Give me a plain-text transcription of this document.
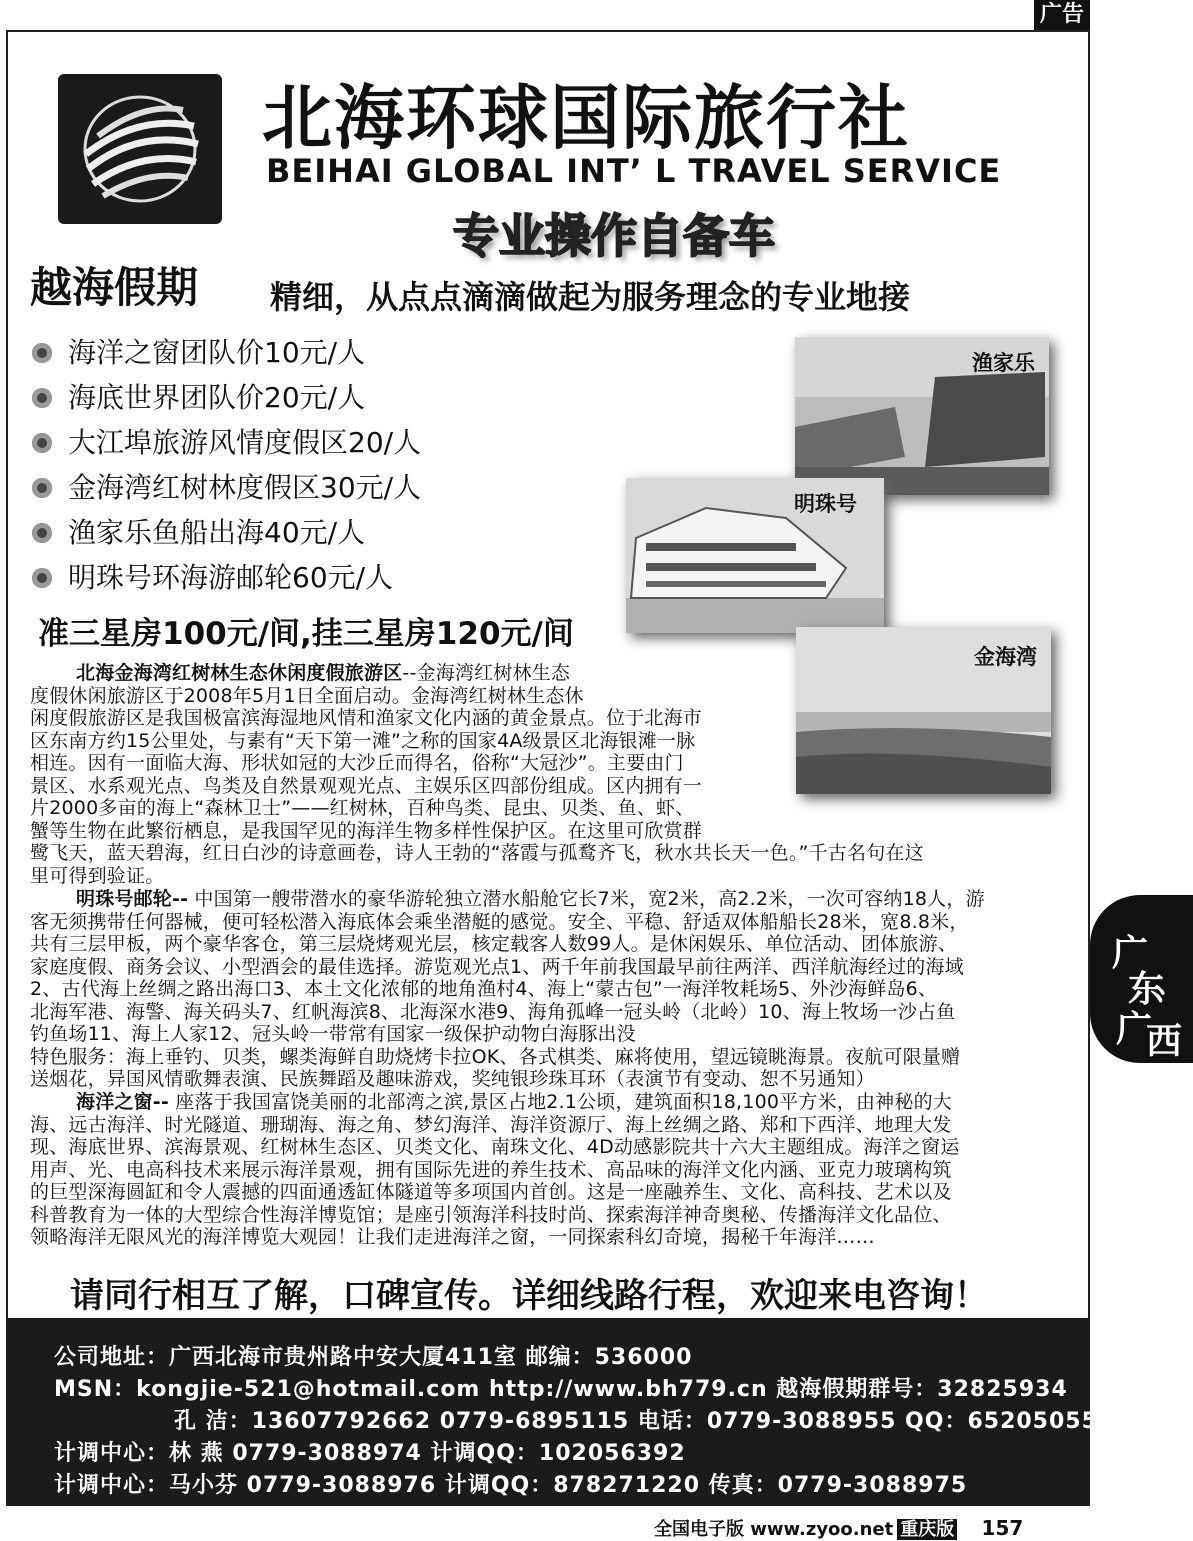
广告
北海环球国际旅行社
BEIHAI GLOBAL INT’ L TRAVEL SERVICE
专业操作自备车
越海假期 精细，从点点滴滴做起为服务理念的专业地接
海洋之窗团队价10元/人
海底世界团队价20元/人
大江埠旅游风情度假区20/人
金海湾红树林度假区30元/人
渔家乐鱼船出海40元/人
明珠号环海游邮轮60元/人
准三星房100元/间,挂三星房120元/间
渔家乐
明珠号
金海湾
北海金海湾红树林生态休闲度假旅游区--金海湾红树林生态
度假休闲旅游区于2008年5月1日全面启动。金海湾红树林生态休
闲度假旅游区是我国极富滨海湿地风情和渔家文化内涵的黄金景点。位于北海市
区东南方约15公里处，与素有“天下第一滩”之称的国家4A级景区北海银滩一脉
相连。因有一面临大海、形状如冠的大沙丘而得名，俗称“大冠沙”。主要由门
景区、水系观光点、鸟类及自然景观观光点、主娱乐区四部份组成。区内拥有一
片2000多亩的海上“森林卫士”——红树林，百种鸟类、昆虫、贝类、鱼、虾、
蟹等生物在此繁衍栖息，是我国罕见的海洋生物多样性保护区。在这里可欣赏群
鹭飞天，蓝天碧海，红日白沙的诗意画卷，诗人王勃的“落霞与孤鹜齐飞，秋水共长天一色。”千古名句在这
里可得到验证。
明珠号邮轮-- 中国第一艘带潜水的豪华游轮独立潜水船舱它长7米，宽2米，高2.2米，一次可容纳18人，游
客无须携带任何器械，便可轻松潜入海底体会乘坐潜艇的感觉。安全、平稳、舒适双体船船长28米，宽8.8米，
共有三层甲板，两个豪华客仓，第三层烧烤观光层，核定载客人数99人。是休闲娱乐、单位活动、团体旅游、
家庭度假、商务会议、小型酒会的最佳选择。游览观光点1、两千年前我国最早前往两洋、西洋航海经过的海域
2、古代海上丝绸之路出海口3、本土文化浓郁的地角渔村4、海上“蒙古包”一海洋牧耗场5、外沙海鲜岛6、
北海军港、海警、海关码头7、红帆海滨8、北海深水港9、海角孤峰一冠头岭（北岭）10、海上牧场一沙占鱼
钓鱼场11、海上人家12、冠头岭一带常有国家一级保护动物白海豚出没
特色服务：海上垂钓、贝类，螺类海鲜自助烧烤卡拉OK、各式棋类、麻将使用，望远镜眺海景。夜航可限量赠
送烟花，异国风情歌舞表演、民族舞蹈及趣味游戏，奖纯银珍珠耳环（表演节有变动、恕不另通知）
海洋之窗-- 座落于我国富饶美丽的北部湾之滨,景区占地2.1公顷，建筑面积18,100平方米，由神秘的大
海、远古海洋、时光隧道、珊瑚海、海之角、梦幻海洋、海洋资源厅、海上丝绸之路、郑和下西洋、地理大发
现、海底世界、滨海景观、红树林生态区、贝类文化、南珠文化、4D动感影院共十六大主题组成。海洋之窗运
用声、光、电高科技术来展示海洋景观，拥有国际先进的养生技术、高品味的海洋文化内涵、亚克力玻璃构筑
的巨型深海圆缸和令人震撼的四面通透缸体隧道等多项国内首创。这是一座融养生、文化、高科技、艺术以及
科普教育为一体的大型综合性海洋博览馆；是座引领海洋科技时尚、探索海洋神奇奥秘、传播海洋文化品位、
领略海洋无限风光的海洋博览大观园！让我们走进海洋之窗，一同探索科幻奇境，揭秘千年海洋……
请同行相互了解，口碑宣传。详细线路行程，欢迎来电咨询！
公司地址：广西北海市贵州路中安大厦411室 邮编：536000
MSN：kongjie-521@hotmail.com http://www.bh779.cn 越海假期群号：32825934
孔 洁：13607792662 0779-6895115 电话：0779-3088955 QQ：652050552
计调中心：林 燕 0779-3088974 计调QQ：102056392
计调中心：马小芬 0779-3088976 计调QQ：878271220 传真：0779-3088975
广
东
、
广
西
全国电子版 www.zyoo.net 重庆版 157
